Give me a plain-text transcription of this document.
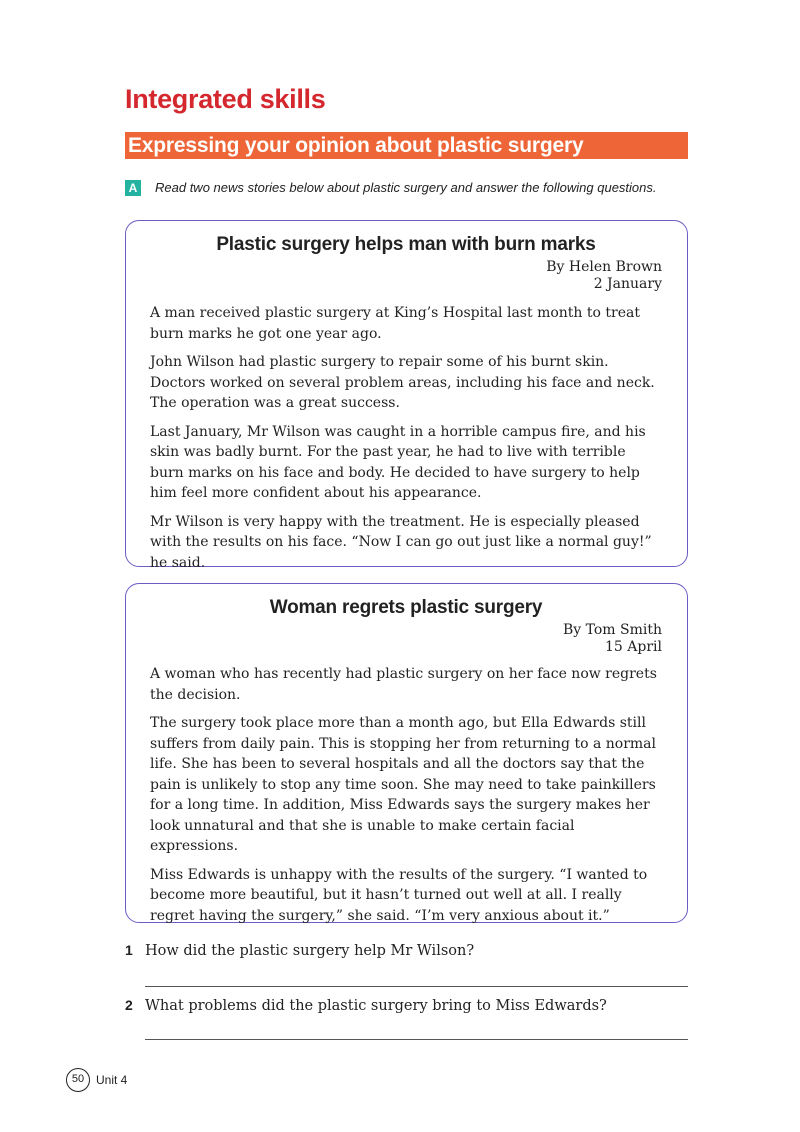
Integrated skills
Expressing your opinion about plastic surgery
A Read two news stories below about plastic surgery and answer the following questions.
Plastic surgery helps man with burn marks
By Helen Brown
2 January

A man received plastic surgery at King’s Hospital last month to treat burn marks he got one year ago.

John Wilson had plastic surgery to repair some of his burnt skin. Doctors worked on several problem areas, including his face and neck. The operation was a great success.

Last January, Mr Wilson was caught in a horrible campus fire, and his skin was badly burnt. For the past year, he had to live with terrible burn marks on his face and body. He decided to have surgery to help him feel more confident about his appearance.

Mr Wilson is very happy with the treatment. He is especially pleased with the results on his face. “Now I can go out just like a normal guy!” he said.

Woman regrets plastic surgery
By Tom Smith
15 April

A woman who has recently had plastic surgery on her face now regrets the decision.

The surgery took place more than a month ago, but Ella Edwards still suffers from daily pain. This is stopping her from returning to a normal life. She has been to several hospitals and all the doctors say that the pain is unlikely to stop any time soon. She may need to take painkillers for a long time. In addition, Miss Edwards says the surgery makes her look unnatural and that she is unable to make certain facial expressions.

Miss Edwards is unhappy with the results of the surgery. “I wanted to become more beautiful, but it hasn’t turned out well at all. I really regret having the surgery,” she said. “I’m very anxious about it.”

1 How did the plastic surgery help Mr Wilson?
2 What problems did the plastic surgery bring to Miss Edwards?
50 Unit 4
